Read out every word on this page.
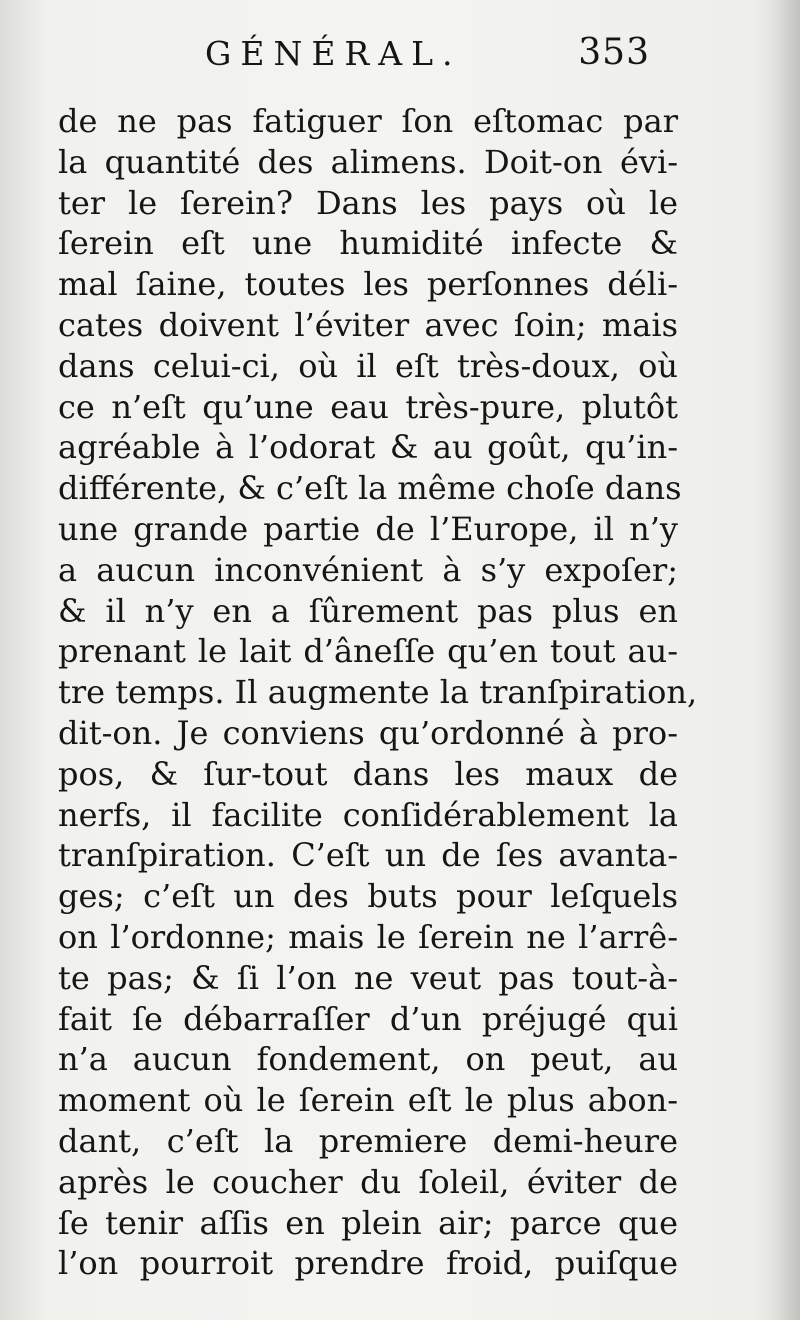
GÉNÉRAL.	353
de ne pas fatiguer ſon eſtomac par
la quantité des alimens. Doit-on évi-
ter le ſerein? Dans les pays où le
ſerein eſt une humidité infecte &
mal ſaine, toutes les perſonnes déli-
cates doivent l’éviter avec ſoin; mais
dans celui-ci, où il eſt très-doux, où
ce n’eſt qu’une eau très-pure, plutôt
agréable à l’odorat & au goût, qu’in-
différente, & c’eſt la même choſe dans
une grande partie de l’Europe, il n’y
a aucun inconvénient à s’y expoſer;
& il n’y en a ſûrement pas plus en
prenant le lait d’âneſſe qu’en tout au-
tre temps. Il augmente la tranſpiration,
dit-on. Je conviens qu’ordonné à pro-
pos, & ſur-tout dans les maux de
nerfs, il facilite conſidérablement la
tranſpiration. C’eſt un de ſes avanta-
ges; c’eſt un des buts pour leſquels
on l’ordonne; mais le ſerein ne l’arrê-
te pas; & ſi l’on ne veut pas tout-à-
fait ſe débarraſſer d’un préjugé qui
n’a aucun fondement, on peut, au
moment où le ſerein eſt le plus abon-
dant, c’eſt la premiere demi-heure
après le coucher du ſoleil, éviter de
ſe tenir aſſis en plein air; parce que
l’on pourroit prendre froid, puiſque
